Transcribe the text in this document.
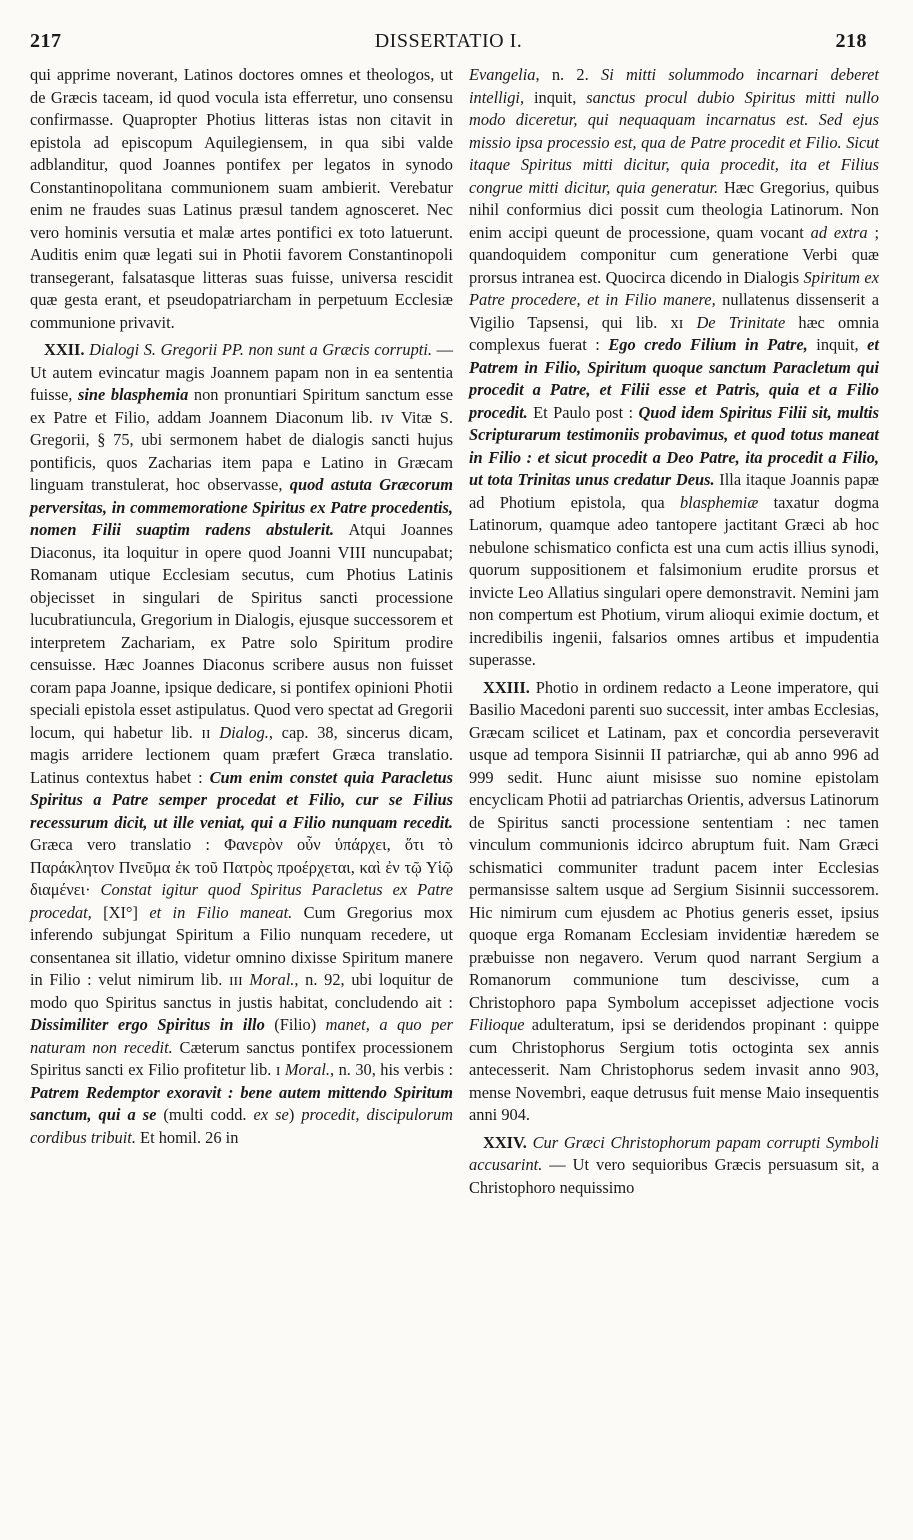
217	DISSERTATIO I.	218

qui apprime noverant, Latinos doctores omnes et theologos, ut de Græcis taceam, id quod vocula ista efferretur, uno consensu confirmasse. Quapropter Photius litteras istas non citavit in epistola ad episcopum Aquilegiensem, in qua sibi valde adblanditur, quod Joannes pontifex per legatos in synodo Constantinopolitana communionem suam ambierit. Verebatur enim ne fraudes suas Latinus præsul tandem agnosceret. Nec vero hominis versutia et malæ artes pontifici ex toto latuerunt. Auditis enim quæ legati sui in Photii favorem Constantinopoli transegerant, falsatasque litteras suas fuisse, universa rescidit quæ gesta erant, et pseudopatriarcham in perpetuum Ecclesiæ communione privavit.

XXII. Dialogi S. Gregorii PP. non sunt a Græcis corrupti. — Ut autem evincatur magis Joannem papam non in ea sententia fuisse, sine blasphemia non pronuntiari Spiritum sanctum esse ex Patre et Filio, addam Joannem Diaconum lib. ɪv Vitæ S. Gregorii, § 75, ubi sermonem habet de dialogis sancti hujus pontificis, quos Zacharias item papa e Latino in Græcam linguam transtulerat, hoc observasse, quod astuta Græcorum perversitas, in commemoratione Spiritus ex Patre procedentis, nomen Filii suaptim radens abstulerit. Atqui Joannes Diaconus, ita loquitur in opere quod Joanni VIII nuncupabat; Romanam utique Ecclesiam secutus, cum Photius Latinis objecisset in singulari de Spiritus sancti processione lucubratiuncula, Gregorium in Dialogis, ejusque successorem et interpretem Zachariam, ex Patre solo Spiritum prodire censuisse. Hæc Joannes Diaconus scribere ausus non fuisset coram papa Joanne, ipsique dedicare, si pontifex opinioni Photii speciali epistola esset astipulatus. Quod vero spectat ad Gregorii locum, qui habetur lib. ɪɪ Dialog., cap. 38, sincerus dicam, magis arridere lectionem quam præfert Græca translatio. Latinus contextus habet : Cum enim constet quia Paracletus Spiritus a Patre semper procedat et Filio, cur se Filius recessurum dicit, ut ille veniat, qui a Filio nunquam recedit. Græca vero translatio : Φανερὸν οὖν ὑπάρχει, ὅτι τὸ Παράκλητον Πνεῦμα ἐκ τοῦ Πατρὸς προέρχεται, καὶ ἐν τῷ Υἱῷ διαμένει· Constat igitur quod Spiritus Paracletus ex Patre procedat, [XI°] et in Filio maneat. Cum Gregorius mox inferendo subjungat Spiritum a Filio nunquam recedere, ut consentanea sit illatio, videtur omnino dixisse Spiritum manere in Filio : velut nimirum lib. ɪɪɪ Moral., n. 92, ubi loquitur de modo quo Spiritus sanctus in justis habitat, concludendo ait : Dissimiliter ergo Spiritus in illo (Filio) manet, a quo per naturam non recedit. Cæterum sanctus pontifex processionem Spiritus sancti ex Filio profitetur lib. ɪ Moral., n. 30, his verbis : Patrem Redemptor exoravit : bene autem mittendo Spiritum sanctum, qui a se (multi codd. ex se) procedit, discipulorum cordibus tribuit. Et homil. 26 in

Evangelia, n. 2. Si mitti solummodo incarnari deberet intelligi, inquit, sanctus procul dubio Spiritus mitti nullo modo diceretur, qui nequaquam incarnatus est. Sed ejus missio ipsa processio est, qua de Patre procedit et Filio. Sicut itaque Spiritus mitti dicitur, quia procedit, ita et Filius congrue mitti dicitur, quia generatur. Hæc Gregorius, quibus nihil conformius dici possit cum theologia Latinorum. Non enim accipi queunt de processione, quam vocant ad extra ; quandoquidem componitur cum generatione Verbi quæ prorsus intranea est. Quocirca dicendo in Dialogis Spiritum ex Patre procedere, et in Filio manere, nullatenus dissenserit a Vigilio Tapsensi, qui lib. xɪ De Trinitate hæc omnia complexus fuerat : Ego credo Filium in Patre, inquit, et Patrem in Filio, Spiritum quoque sanctum Paracletum qui procedit a Patre, et Filii esse et Patris, quia et a Filio procedit. Et Paulo post : Quod idem Spiritus Filii sit, multis Scripturarum testimoniis probavimus, et quod totus maneat in Filio : et sicut procedit a Deo Patre, ita procedit a Filio, ut tota Trinitas unus credatur Deus. Illa itaque Joannis papæ ad Photium epistola, qua blasphemiæ taxatur dogma Latinorum, quamque adeo tantopere jactitant Græci ab hoc nebulone schismatico conficta est una cum actis illius synodi, quorum suppositionem et falsimonium erudite prorsus et invicte Leo Allatius singulari opere demonstravit. Nemini jam non compertum est Photium, virum alioqui eximie doctum, et incredibilis ingenii, falsarios omnes artibus et impudentia superasse.

XXIII. Photio in ordinem redacto a Leone imperatore, qui Basilio Macedoni parenti suo successit, inter ambas Ecclesias, Græcam scilicet et Latinam, pax et concordia perseveravit usque ad tempora Sisinnii II patriarchæ, qui ab anno 996 ad 999 sedit. Hunc aiunt misisse suo nomine epistolam encyclicam Photii ad patriarchas Orientis, adversus Latinorum de Spiritus sancti processione sententiam : nec tamen vinculum communionis idcirco abruptum fuit. Nam Græci schismatici communiter tradunt pacem inter Ecclesias permansisse saltem usque ad Sergium Sisinnii successorem. Hic nimirum cum ejusdem ac Photius generis esset, ipsius quoque erga Romanam Ecclesiam invidentiæ hæredem se præbuisse non negavero. Verum quod narrant Sergium a Romanorum communione tum descivisse, cum a Christophoro papa Symbolum accepisset adjectione vocis Filioque adulteratum, ipsi se deridendos propinant : quippe cum Christophorus Sergium totis octoginta sex annis antecesserit. Nam Christophorus sedem invasit anno 903, mense Novembri, eaque detrusus fuit mense Maio insequentis anni 904.

XXIV. Cur Græci Christophorum papam corrupti Symboli accusarint. — Ut vero sequioribus Græcis persuasum sit, a Christophoro nequissimo
